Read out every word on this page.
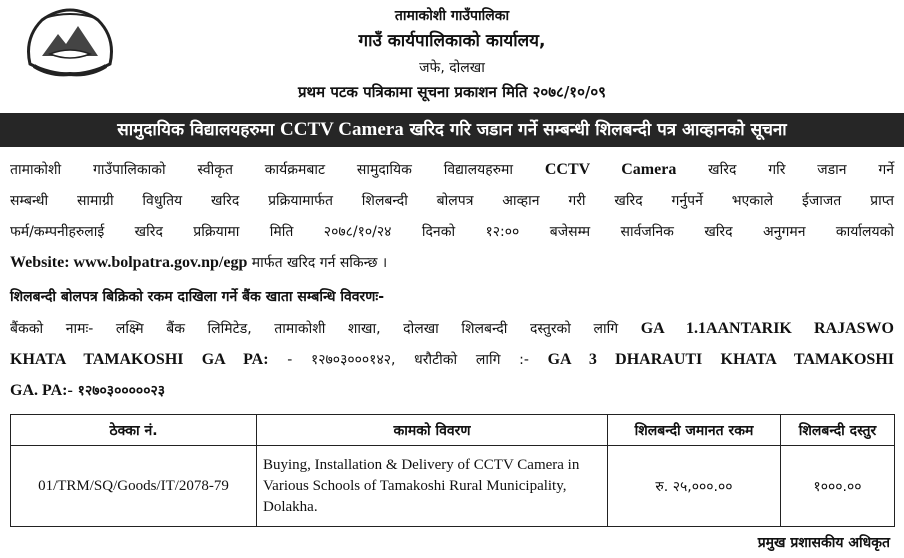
तामाकोशी गाउँपालिका
गाउँ कार्यपालिकाको कार्यालय,
जफे, दोलखा
प्रथम पटक पत्रिकामा सूचना प्रकाशन मिति २०७८/१०/०९
सामुदायिक विद्यालयहरुमा CCTV Camera खरिद गरि जडान गर्ने सम्बन्धी शिलबन्दी पत्र आव्हानको सूचना
तामाकोशी गाउँपालिकाको स्वीकृत कार्यक्रमबाट सामुदायिक विद्यालयहरुमा CCTV Camera खरिद गरि जडान गर्ने
सम्बन्धी सामाग्री विधुतिय खरिद प्रक्रियामार्फत शिलबन्दी बोलपत्र आव्हान गरी खरिद गर्नुपर्ने भएकाले ईजाजत प्राप्त
फर्म/कम्पनीहरुलाई खरिद प्रक्रियामा मिति २०७८/१०/२४ दिनको १२:०० बजेसम्म सार्वजनिक खरिद अनुगमन कार्यालयको
Website: www.bolpatra.gov.np/egp मार्फत खरिद गर्न सकिन्छ ।
शिलबन्दी बोलपत्र बिक्रिको रकम दाखिला गर्ने बैंक खाता सम्बन्धि विवरणः-
बैंकको नामः- लक्ष्मि बैंक लिमिटेड, तामाकोशी शाखा, दोलखा शिलबन्दी दस्तुरको लागि GA 1.1AANTARIK RAJASWO
KHATA TAMAKOSHI GA PA: - १२७०३०००१४२, धरौटीको लागि :- GA 3 DHARAUTI KHATA TAMAKOSHI
GA. PA:- १२७०३०००००२३
ठेक्का नं.	कामको विवरण	शिलबन्दी जमानत रकम	शिलबन्दी दस्तुर
01/TRM/SQ/Goods/IT/2078-79	Buying, Installation & Delivery of CCTV Camera in Various Schools of Tamakoshi Rural Municipality, Dolakha.	रु. २५,०००.००	१०००.००
प्रमुख प्रशासकीय अधिकृत
